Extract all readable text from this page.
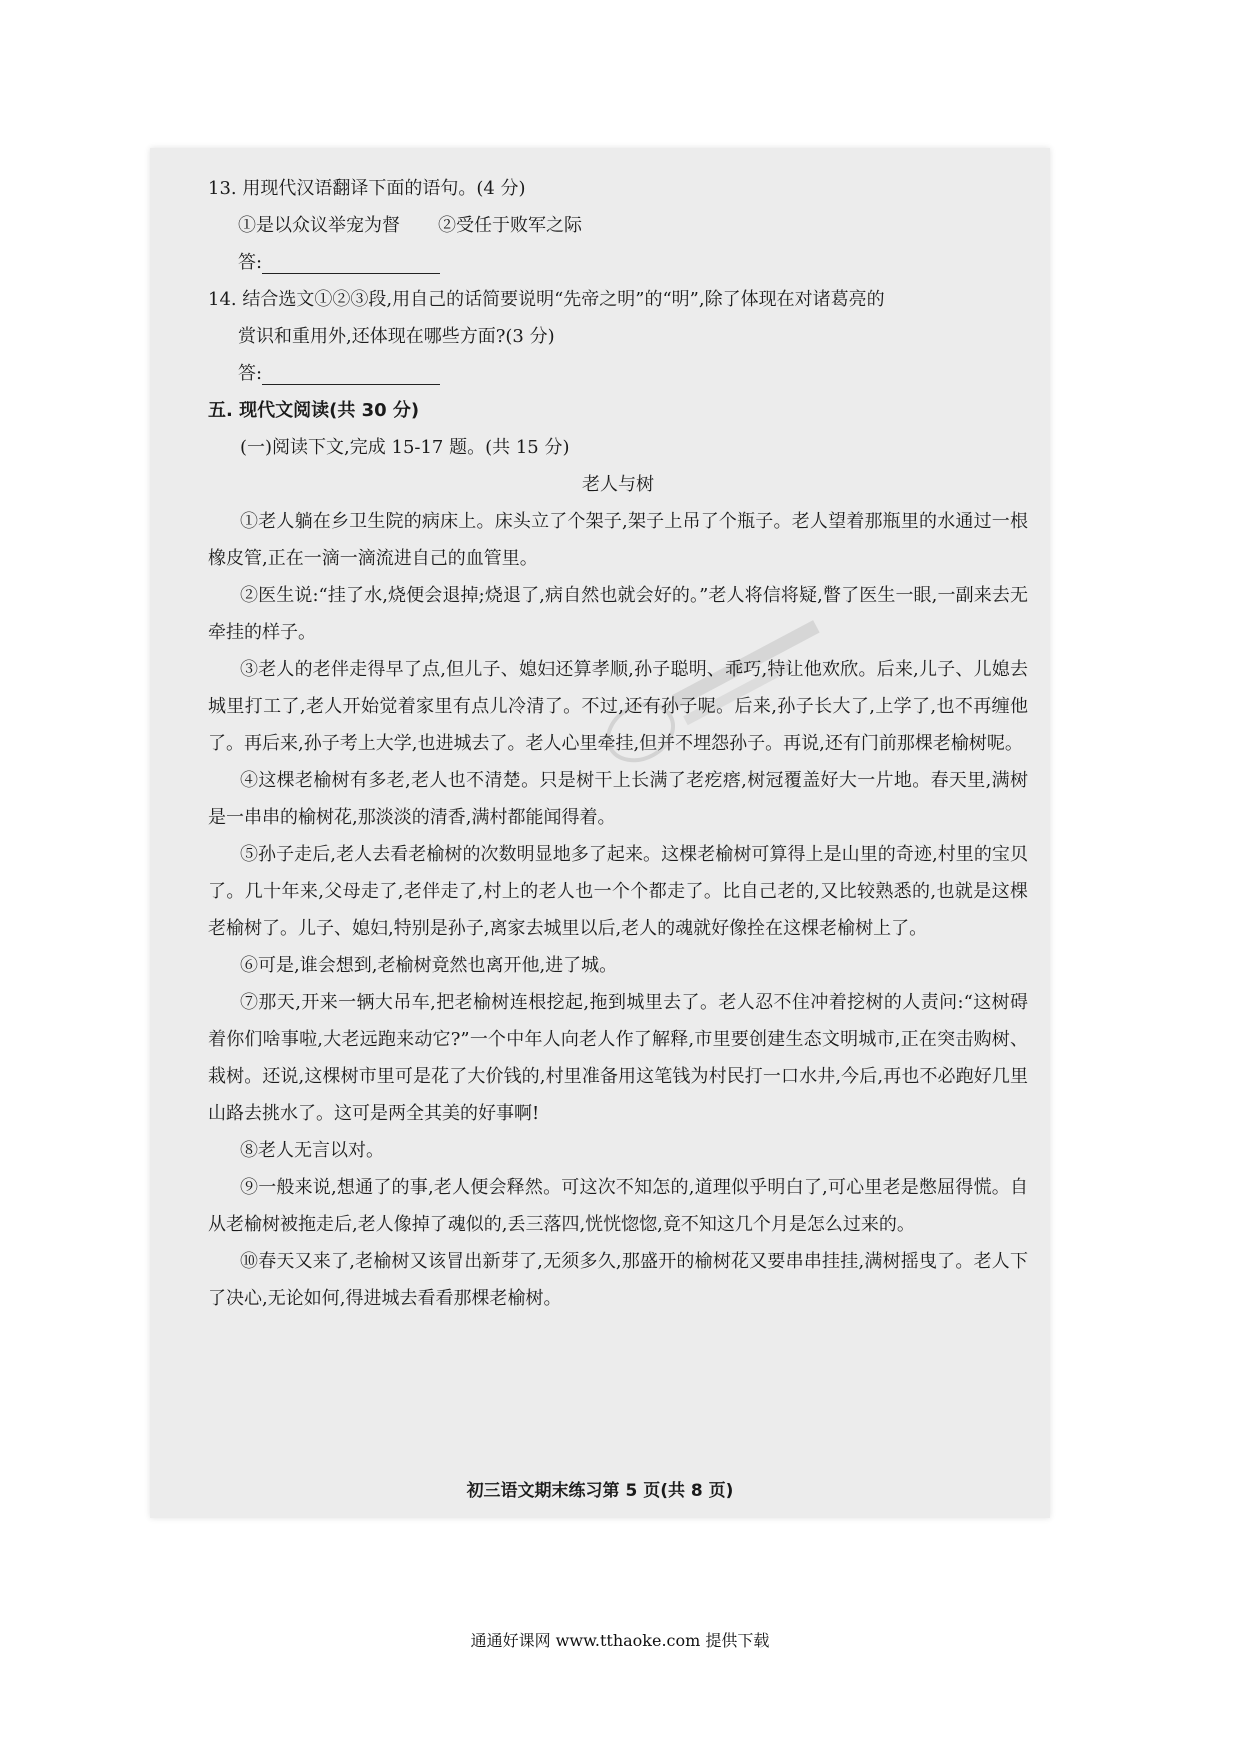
13. 用现代汉语翻译下面的语句。(4 分)
①是以众议举宠为督 ②受任于败军之际
答:
14. 结合选文①②③段,用自己的话简要说明“先帝之明”的“明”,除了体现在对诸葛亮的
赏识和重用外,还体现在哪些方面?(3 分)
答:
五. 现代文阅读(共 30 分)
(一)阅读下文,完成 15-17 题。(共 15 分)
老人与树
①老人躺在乡卫生院的病床上。床头立了个架子,架子上吊了个瓶子。老人望着那瓶里的水通过一根橡皮管,正在一滴一滴流进自己的血管里。
②医生说:“挂了水,烧便会退掉;烧退了,病自然也就会好的。”老人将信将疑,瞥了医生一眼,一副来去无牵挂的样子。
③老人的老伴走得早了点,但儿子、媳妇还算孝顺,孙子聪明、乖巧,特让他欢欣。后来,儿子、儿媳去城里打工了,老人开始觉着家里有点儿冷清了。不过,还有孙子呢。后来,孙子长大了,上学了,也不再缠他了。再后来,孙子考上大学,也进城去了。老人心里牵挂,但并不埋怨孙子。再说,还有门前那棵老榆树呢。
④这棵老榆树有多老,老人也不清楚。只是树干上长满了老疙瘩,树冠覆盖好大一片地。春天里,满树是一串串的榆树花,那淡淡的清香,满村都能闻得着。
⑤孙子走后,老人去看老榆树的次数明显地多了起来。这棵老榆树可算得上是山里的奇迹,村里的宝贝了。几十年来,父母走了,老伴走了,村上的老人也一个个都走了。比自己老的,又比较熟悉的,也就是这棵老榆树了。儿子、媳妇,特别是孙子,离家去城里以后,老人的魂就好像拴在这棵老榆树上了。
⑥可是,谁会想到,老榆树竟然也离开他,进了城。
⑦那天,开来一辆大吊车,把老榆树连根挖起,拖到城里去了。老人忍不住冲着挖树的人责问:“这树碍着你们啥事啦,大老远跑来动它?”一个中年人向老人作了解释,市里要创建生态文明城市,正在突击购树、栽树。还说,这棵树市里可是花了大价钱的,村里准备用这笔钱为村民打一口水井,今后,再也不必跑好几里山路去挑水了。这可是两全其美的好事啊!
⑧老人无言以对。
⑨一般来说,想通了的事,老人便会释然。可这次不知怎的,道理似乎明白了,可心里老是憋屈得慌。自从老榆树被拖走后,老人像掉了魂似的,丢三落四,恍恍惚惚,竟不知这几个月是怎么过来的。
⑩春天又来了,老榆树又该冒出新芽了,无须多久,那盛开的榆树花又要串串挂挂,满树摇曳了。老人下了决心,无论如何,得进城去看看那棵老榆树。
初三语文期末练习第 5 页(共 8 页)
通通好课网 www.tthaoke.com 提供下载
